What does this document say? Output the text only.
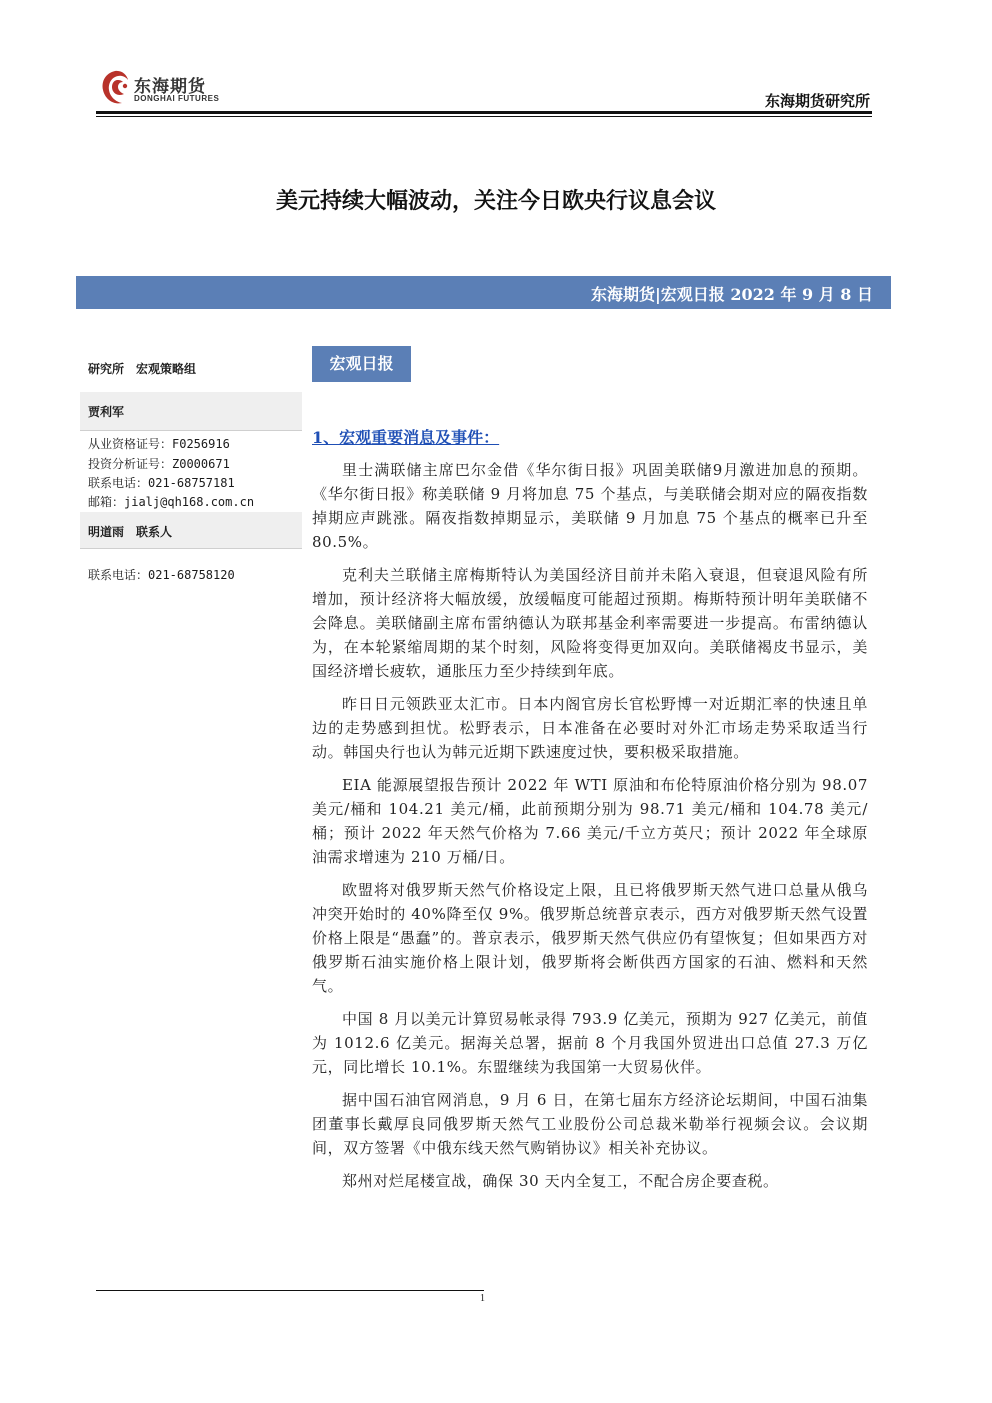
东海期货
DONGHAI FUTURES	东海期货研究所
美元持续大幅波动，关注今日欧央行议息会议
东海期货|宏观日报 2022 年 9 月 8 日
研究所　宏观策略组
贾利军
从业资格证号：F0256916
投资分析证号：Z0000671
联系电话：021-68757181
邮箱：jialj@qh168.com.cn
明道雨　联系人
联系电话：021-68758120
宏观日报
1、宏观重要消息及事件：

里士满联储主席巴尔金借《华尔街日报》巩固美联储9月激进加息的预期。《华尔街日报》称美联储 9 月将加息 75 个基点，与美联储会期对应的隔夜指数掉期应声跳涨。隔夜指数掉期显示，美联储 9 月加息 75 个基点的概率已升至 80.5%。

克利夫兰联储主席梅斯特认为美国经济目前并未陷入衰退，但衰退风险有所增加，预计经济将大幅放缓，放缓幅度可能超过预期。梅斯特预计明年美联储不会降息。美联储副主席布雷纳德认为联邦基金利率需要进一步提高。布雷纳德认为，在本轮紧缩周期的某个时刻，风险将变得更加双向。美联储褐皮书显示，美国经济增长疲软，通胀压力至少持续到年底。

昨日日元领跌亚太汇市。日本内阁官房长官松野博一对近期汇率的快速且单边的走势感到担忧。松野表示，日本准备在必要时对外汇市场走势采取适当行动。韩国央行也认为韩元近期下跌速度过快，要积极采取措施。

EIA 能源展望报告预计 2022 年 WTI 原油和布伦特原油价格分别为 98.07 美元/桶和 104.21 美元/桶，此前预期分别为 98.71 美元/桶和 104.78 美元/桶；预计 2022 年天然气价格为 7.66 美元/千立方英尺；预计 2022 年全球原油需求增速为 210 万桶/日。

欧盟将对俄罗斯天然气价格设定上限，且已将俄罗斯天然气进口总量从俄乌冲突开始时的 40%降至仅 9%。俄罗斯总统普京表示，西方对俄罗斯天然气设置价格上限是“愚蠢”的。普京表示，俄罗斯天然气供应仍有望恢复；但如果西方对俄罗斯石油实施价格上限计划，俄罗斯将会断供西方国家的石油、燃料和天然气。

中国 8 月以美元计算贸易帐录得 793.9 亿美元，预期为 927 亿美元，前值为 1012.6 亿美元。据海关总署，据前 8 个月我国外贸进出口总值 27.3 万亿元，同比增长 10.1%。东盟继续为我国第一大贸易伙伴。

据中国石油官网消息，9 月 6 日，在第七届东方经济论坛期间，中国石油集团董事长戴厚良同俄罗斯天然气工业股份公司总裁米勒举行视频会议。会议期间，双方签署《中俄东线天然气购销协议》相关补充协议。

郑州对烂尾楼宣战，确保 30 天内全复工，不配合房企要查税。

1
